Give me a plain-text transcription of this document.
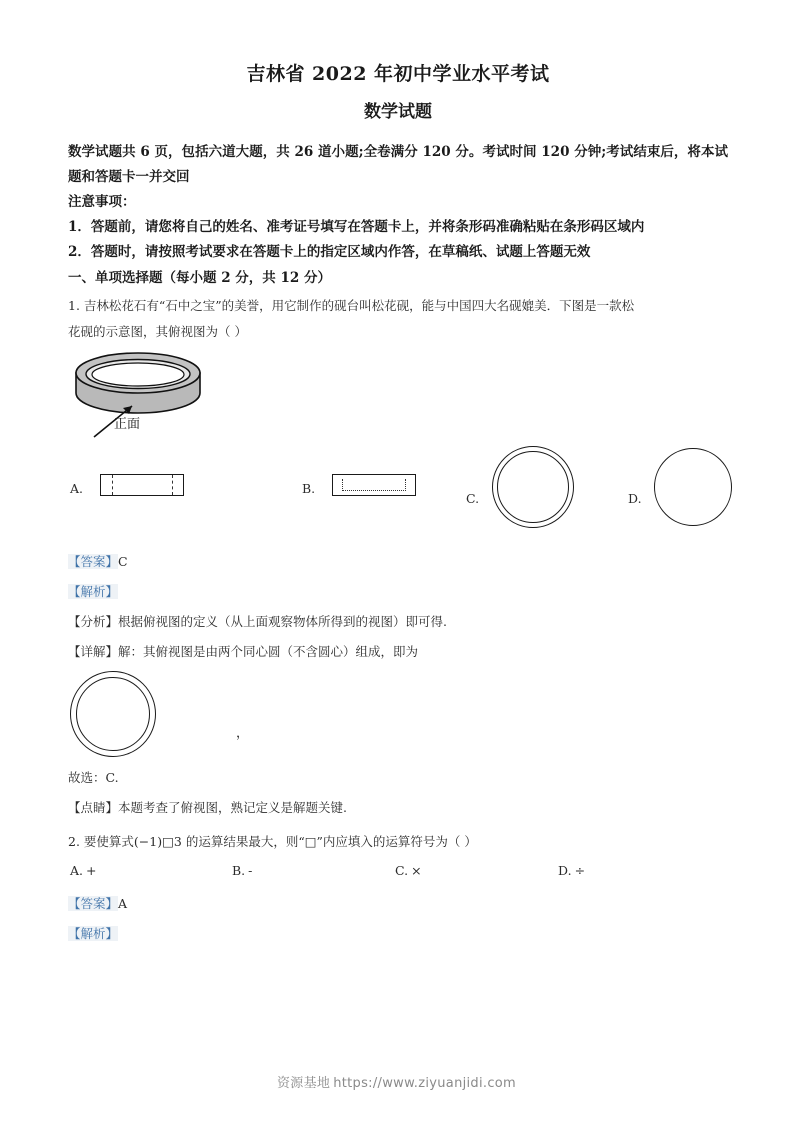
吉林省 2022 年初中学业水平考试
数学试题
数学试题共 6 页，包括六道大题，共 26 道小题;全卷满分 120 分。考试时间 120 分钟;考试结束后，将本试题和答题卡一并交回
注意事项：
1．答题前，请您将自己的姓名、准考证号填写在答题卡上，并将条形码准确粘贴在条形码区域内
2．答题时，请按照考试要求在答题卡上的指定区域内作答，在草稿纸、试题上答题无效
一、单项选择题（每小题 2 分，共 12 分）
1. 吉林松花石有“石中之宝”的美誉，用它制作的砚台叫松花砚，能与中国四大名砚媲美．下图是一款松
花砚的示意图，其俯视图为（ ）
正面
A.	B.
C.	D.
【答案】C
【解析】
【分析】根据俯视图的定义（从上面观察物体所得到的视图）即可得.
【详解】解：其俯视图是由两个同心圆（不含圆心）组成，即为
，
故选：C.
【点睛】本题考查了俯视图，熟记定义是解题关键.
2. 要使算式(−1)□3 的运算结果最大，则“□”内应填入的运算符号为（ ）
A. +	B. -	C. ×	D. ÷
【答案】A
【解析】
资源基地 https://www.ziyuanjidi.com
